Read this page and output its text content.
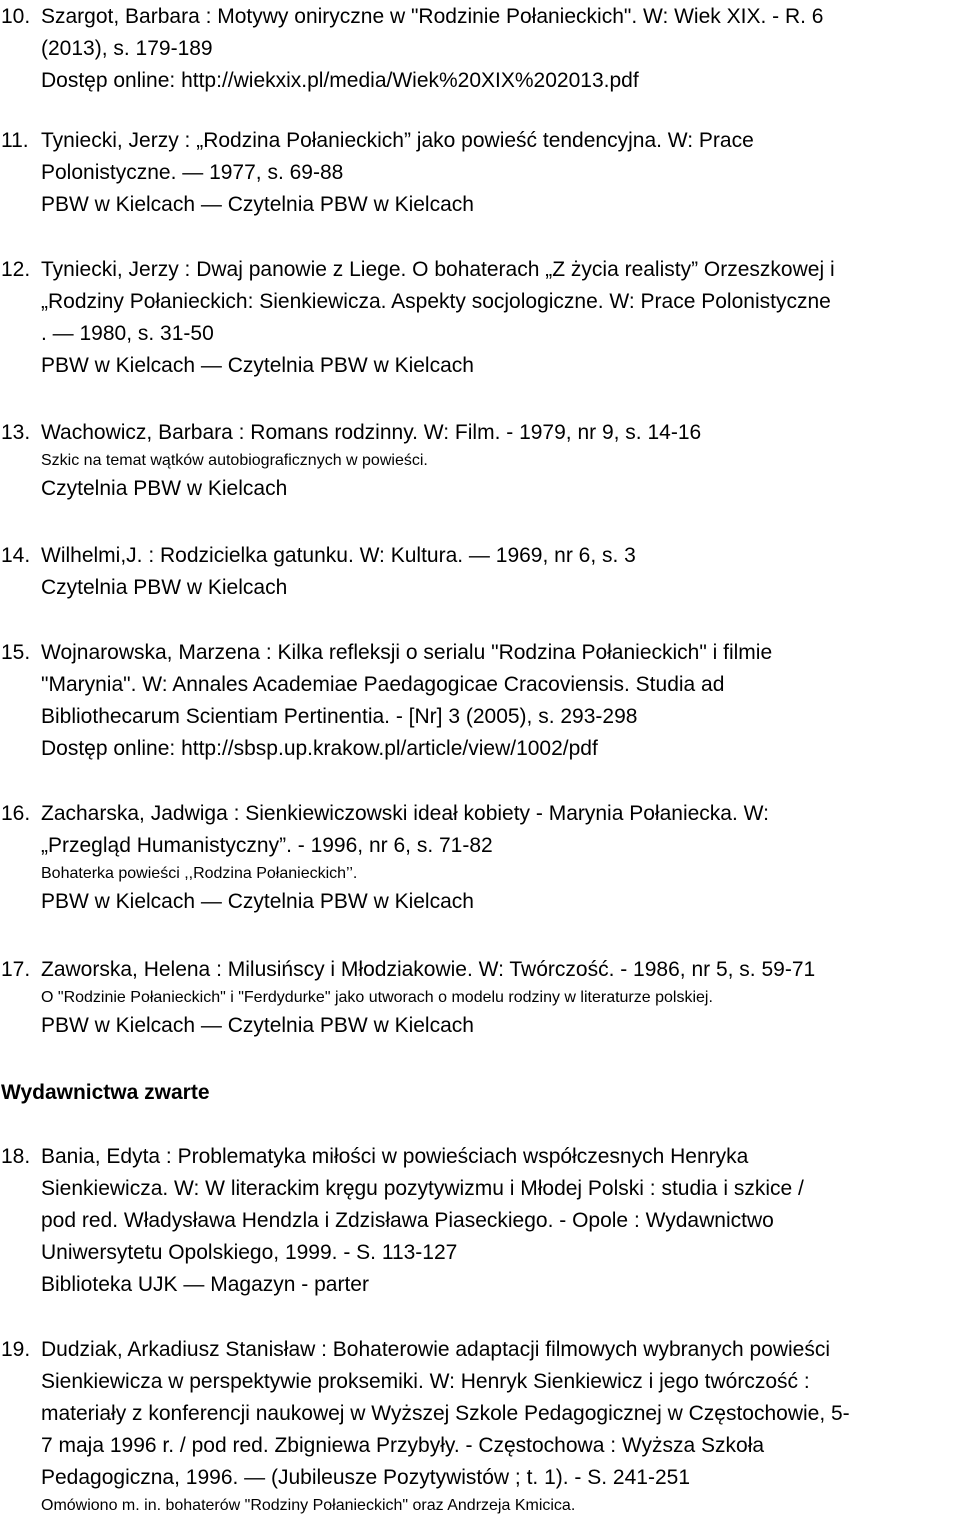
10. Szargot, Barbara : Motywy oniryczne w "Rodzinie Połanieckich". W: Wiek XIX. - R. 6
(2013), s. 179-189
Dostęp online: http://wiekxix.pl/media/Wiek%20XIX%202013.pdf
11. Tyniecki, Jerzy : „Rodzina Połanieckich” jako powieść tendencyjna. W: Prace
Polonistyczne. — 1977, s. 69-88
PBW w Kielcach — Czytelnia PBW w Kielcach
12. Tyniecki, Jerzy : Dwaj panowie z Liege. O bohaterach „Z życia realisty” Orzeszkowej i
„Rodziny Połanieckich: Sienkiewicza. Aspekty socjologiczne. W: Prace Polonistyczne
. — 1980, s. 31-50
PBW w Kielcach — Czytelnia PBW w Kielcach
13. Wachowicz, Barbara : Romans rodzinny. W: Film. - 1979, nr 9, s. 14-16
Szkic na temat wątków autobiograficznych w powieści.
Czytelnia PBW w Kielcach
14. Wilhelmi,J. : Rodzicielka gatunku. W: Kultura. — 1969, nr 6, s. 3
Czytelnia PBW w Kielcach
15. Wojnarowska, Marzena : Kilka refleksji o serialu "Rodzina Połanieckich" i filmie
"Marynia". W: Annales Academiae Paedagogicae Cracoviensis. Studia ad
Bibliothecarum Scientiam Pertinentia. - [Nr] 3 (2005), s. 293-298
Dostęp online: http://sbsp.up.krakow.pl/article/view/1002/pdf
16. Zacharska, Jadwiga : Sienkiewiczowski ideał kobiety - Marynia Połaniecka. W:
„Przegląd Humanistyczny”. - 1996, nr 6, s. 71-82
Bohaterka powieści ,,Rodzina Połanieckich’’.
PBW w Kielcach — Czytelnia PBW w Kielcach
17. Zaworska, Helena : Milusińscy i Młodziakowie. W: Twórczość. - 1986, nr 5, s. 59-71
O "Rodzinie Połanieckich" i "Ferdydurke" jako utworach o modelu rodziny w literaturze polskiej.
PBW w Kielcach — Czytelnia PBW w Kielcach
Wydawnictwa zwarte
18. Bania, Edyta : Problematyka miłości w powieściach współczesnych Henryka
Sienkiewicza. W: W literackim kręgu pozytywizmu i Młodej Polski : studia i szkice /
pod red. Władysława Hendzla i Zdzisława Piaseckiego. - Opole : Wydawnictwo
Uniwersytetu Opolskiego, 1999. - S. 113-127
Biblioteka UJK — Magazyn - parter
19. Dudziak, Arkadiusz Stanisław : Bohaterowie adaptacji filmowych wybranych powieści
Sienkiewicza w perspektywie proksemiki. W: Henryk Sienkiewicz i jego twórczość :
materiały z konferencji naukowej w Wyższej Szkole Pedagogicznej w Częstochowie, 5-
7 maja 1996 r. / pod red. Zbigniewa Przybyły. - Częstochowa : Wyższa Szkoła
Pedagogiczna, 1996. — (Jubileusze Pozytywistów ; t. 1). - S. 241-251
Omówiono m. in. bohaterów "Rodziny Połanieckich" oraz Andrzeja Kmicica.
